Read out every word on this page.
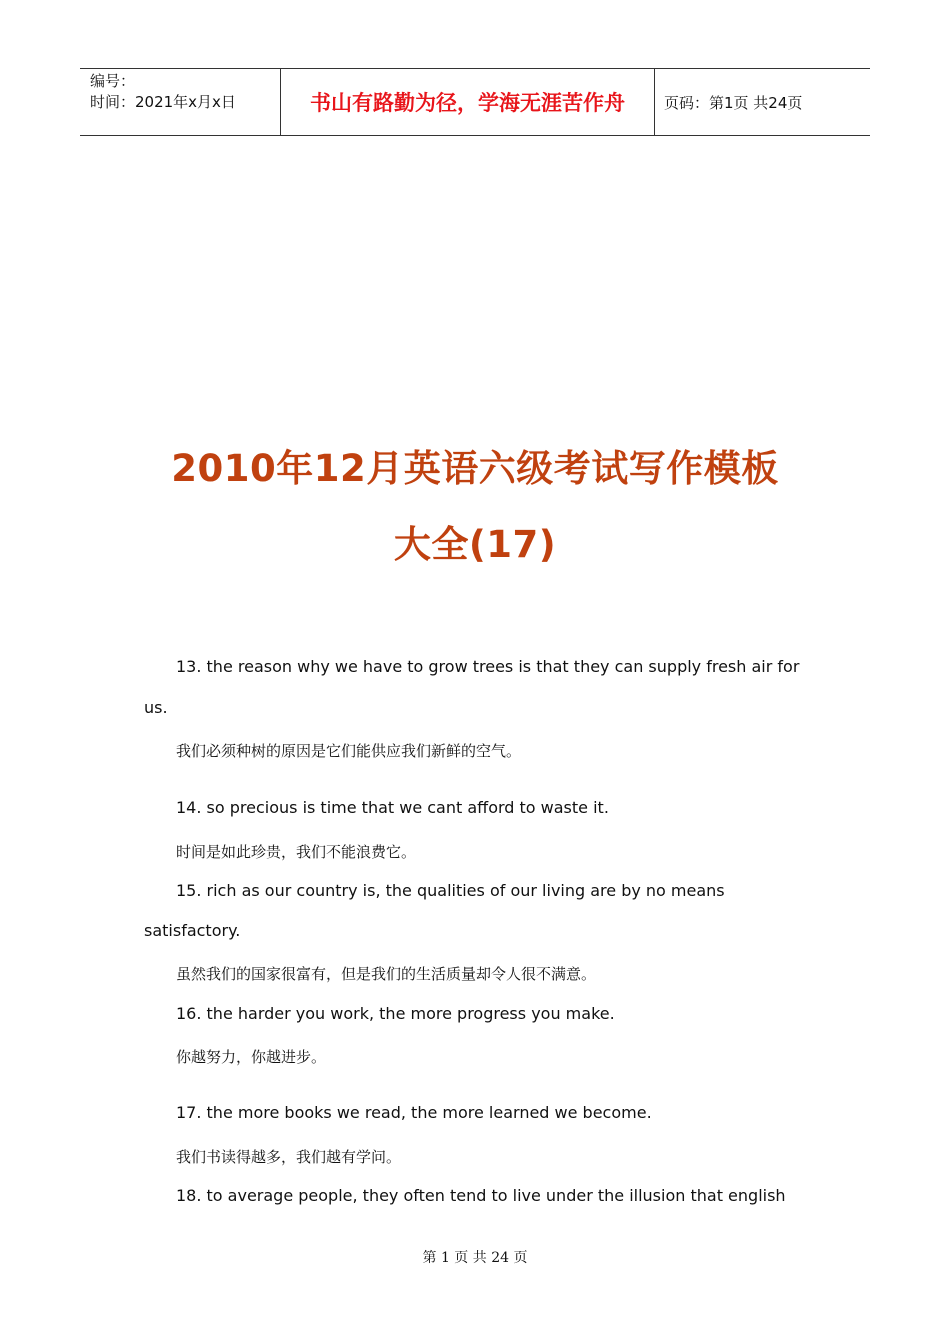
编号：
时间：2021年x月x日	书山有路勤为径，学海无涯苦作舟	页码：第1页 共24页
2010年12月英语六级考试写作模板
大全(17)
13. the reason why we have to grow trees is that they can supply fresh air for
us.
我们必须种树的原因是它们能供应我们新鲜的空气。
14. so precious is time that we cant afford to waste it.
时间是如此珍贵，我们不能浪费它。
15. rich as our country is, the qualities of our living are by no means
satisfactory.
虽然我们的国家很富有，但是我们的生活质量却令人很不满意。
16. the harder you work, the more progress you make.
你越努力，你越进步。
17. the more books we read, the more learned we become.
我们书读得越多，我们越有学问。
18. to average people, they often tend to live under the illusion that english
第 1 页 共 24 页
